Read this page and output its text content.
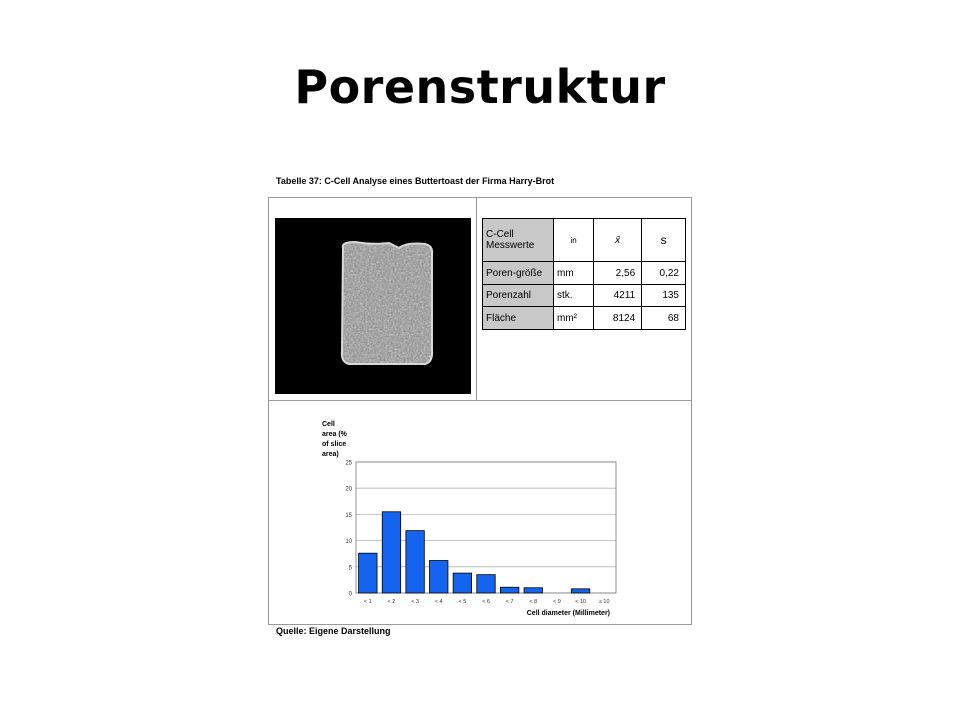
Porenstruktur
Tabelle 37: C-Cell Analyse eines Buttertoast der Firma Harry-Brot
C-Cell Messwerte	in	x̄	s
Poren-größe	mm	2,56	0,22
Porenzahl	stk.	4211	135
Fläche	mm²	8124	68
Cell
area (%
of slice
area)
0
5
10
15
20
25
< 1	< 2	< 3	< 4	< 5	< 6	< 7	< 8	< 9	< 10 ≥ 10
Cell diameter (Millimeter)
Quelle: Eigene Darstellung
